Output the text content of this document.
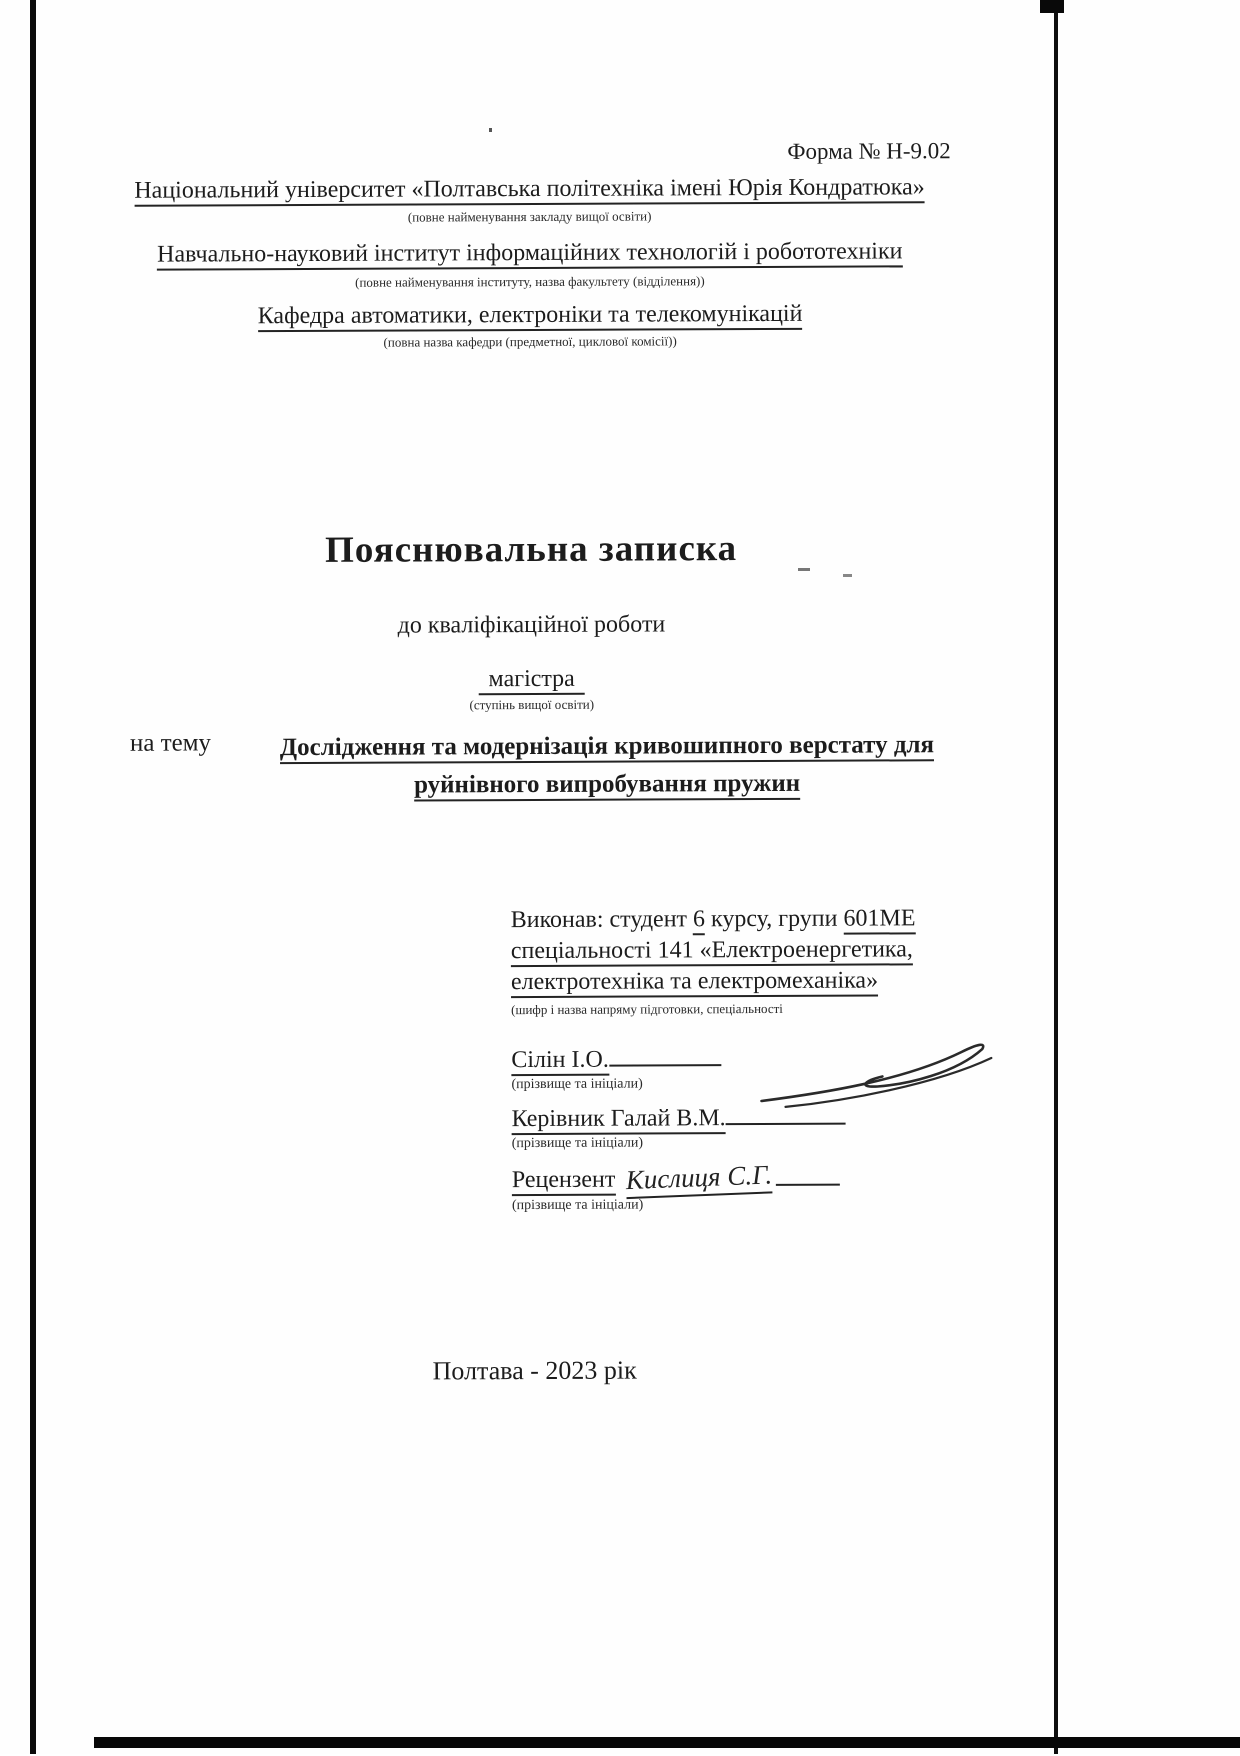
Форма № Н-9.02
Національний університет «Полтавська політехніка імені Юрія Кондратюка»
(повне найменування закладу вищої освіти)
Навчально-науковий інститут інформаційних технологій і робототехніки
(повне найменування інституту, назва факультету (відділення))
Кафедра автоматики, електроніки та телекомунікацій
(повна назва кафедри (предметної, циклової комісії))
Пояснювальна записка
до кваліфікаційної роботи
магістра
(ступінь вищої освіти)
на тему	Дослідження та модернізація кривошипного верстату для
руйнівного випробування пружин
Виконав: студент 6 курсу, групи 601МЕ
спеціальності 141 «Електроенергетика,
електротехніка та електромеханіка»
(шифр і назва напряму підготовки, спеціальності
Сілін І.О.
(прізвище та ініціали)
Керівник Галай В.М.
(прізвище та ініціали)
Рецензент Кислиця С.Г.
(прізвище та ініціали)
Полтава - 2023 рік
